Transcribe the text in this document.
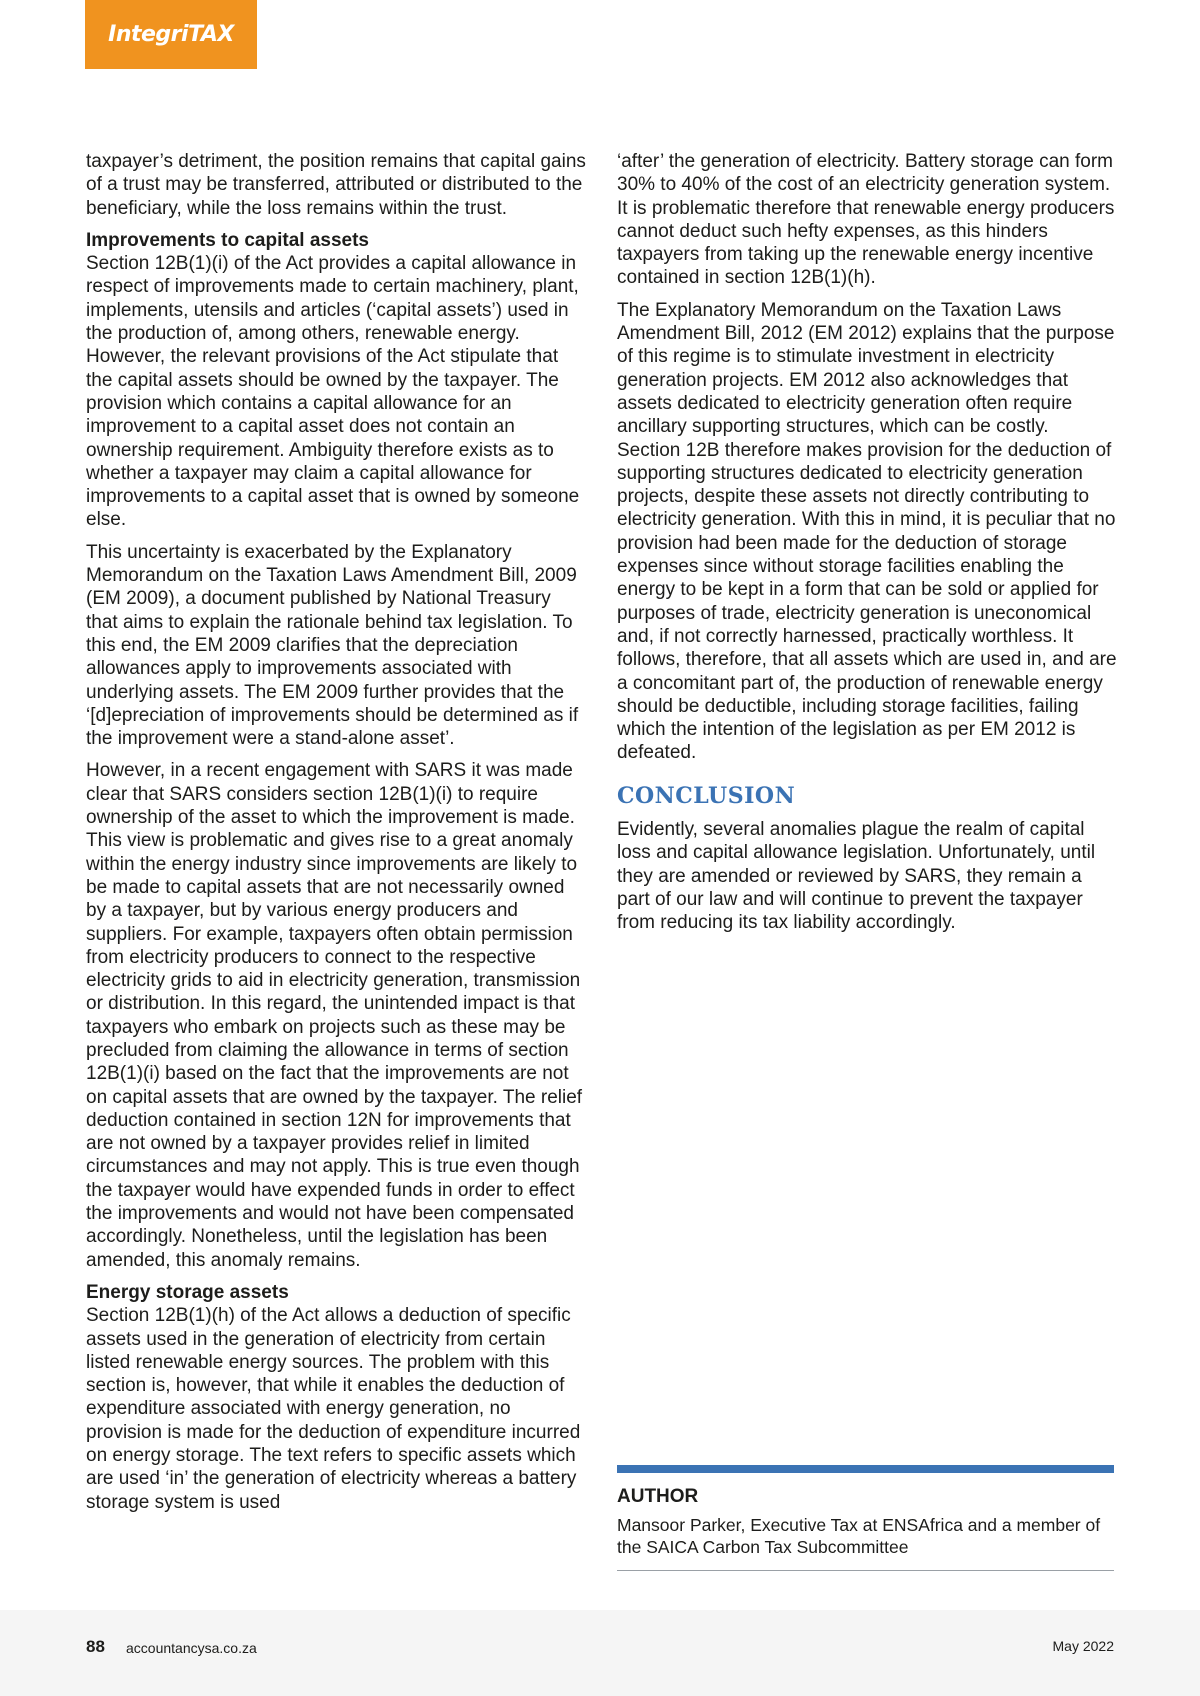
IntegriTAX

taxpayer’s detriment, the position remains that capital gains of a trust may be transferred, attributed or distributed to the beneficiary, while the loss remains within the trust.

Improvements to capital assets

Section 12B(1)(i) of the Act provides a capital allowance in respect of improvements made to certain machinery, plant, implements, utensils and articles (‘capital assets’) used in the production of, among others, renewable energy. However, the relevant provisions of the Act stipulate that the capital assets should be owned by the taxpayer. The provision which contains a capital allowance for an improvement to a capital asset does not contain an ownership requirement. Ambiguity therefore exists as to whether a taxpayer may claim a capital allowance for improvements to a capital asset that is owned by someone else.

This uncertainty is exacerbated by the Explanatory Memorandum on the Taxation Laws Amendment Bill, 2009 (EM 2009), a document published by National Treasury that aims to explain the rationale behind tax legislation. To this end, the EM 2009 clarifies that the depreciation allowances apply to improvements associated with underlying assets. The EM 2009 further provides that the ‘[d]epreciation of improvements should be determined as if the improvement were a stand-alone asset’.

However, in a recent engagement with SARS it was made clear that SARS considers section 12B(1)(i) to require ownership of the asset to which the improvement is made. This view is problematic and gives rise to a great anomaly within the energy industry since improvements are likely to be made to capital assets that are not necessarily owned by a taxpayer, but by various energy producers and suppliers. For example, taxpayers often obtain permission from electricity producers to connect to the respective electricity grids to aid in electricity generation, transmission or distribution. In this regard, the unintended impact is that taxpayers who embark on projects such as these may be precluded from claiming the allowance in terms of section 12B(1)(i) based on the fact that the improvements are not on capital assets that are owned by the taxpayer. The relief deduction contained in section 12N for improvements that are not owned by a taxpayer provides relief in limited circumstances and may not apply. This is true even though the taxpayer would have expended funds in order to effect the improvements and would not have been compensated accordingly. Nonetheless, until the legislation has been amended, this anomaly remains.

Energy storage assets

Section 12B(1)(h) of the Act allows a deduction of specific assets used in the generation of electricity from certain listed renewable energy sources. The problem with this section is, however, that while it enables the deduction of expenditure associated with energy generation, no provision is made for the deduction of expenditure incurred on energy storage. The text refers to specific assets which are used ‘in’ the generation of electricity whereas a battery storage system is used

‘after’ the generation of electricity. Battery storage can form 30% to 40% of the cost of an electricity generation system. It is problematic therefore that renewable energy producers cannot deduct such hefty expenses, as this hinders taxpayers from taking up the renewable energy incentive contained in section 12B(1)(h).

The Explanatory Memorandum on the Taxation Laws Amendment Bill, 2012 (EM 2012) explains that the purpose of this regime is to stimulate investment in electricity generation projects. EM 2012 also acknowledges that assets dedicated to electricity generation often require ancillary supporting structures, which can be costly. Section 12B therefore makes provision for the deduction of supporting structures dedicated to electricity generation projects, despite these assets not directly contributing to electricity generation. With this in mind, it is peculiar that no provision had been made for the deduction of storage expenses since without storage facilities enabling the energy to be kept in a form that can be sold or applied for purposes of trade, electricity generation is uneconomical and, if not correctly harnessed, practically worthless. It follows, therefore, that all assets which are used in, and are a concomitant part of, the production of renewable energy should be deductible, including storage facilities, failing which the intention of the legislation as per EM 2012 is defeated.

CONCLUSION

Evidently, several anomalies plague the realm of capital loss and capital allowance legislation. Unfortunately, until they are amended or reviewed by SARS, they remain a part of our law and will continue to prevent the taxpayer from reducing its tax liability accordingly.

AUTHOR
Mansoor Parker, Executive Tax at ENSAfrica and a member of the SAICA Carbon Tax Subcommittee
88 accountancysa.co.za	May 2022
